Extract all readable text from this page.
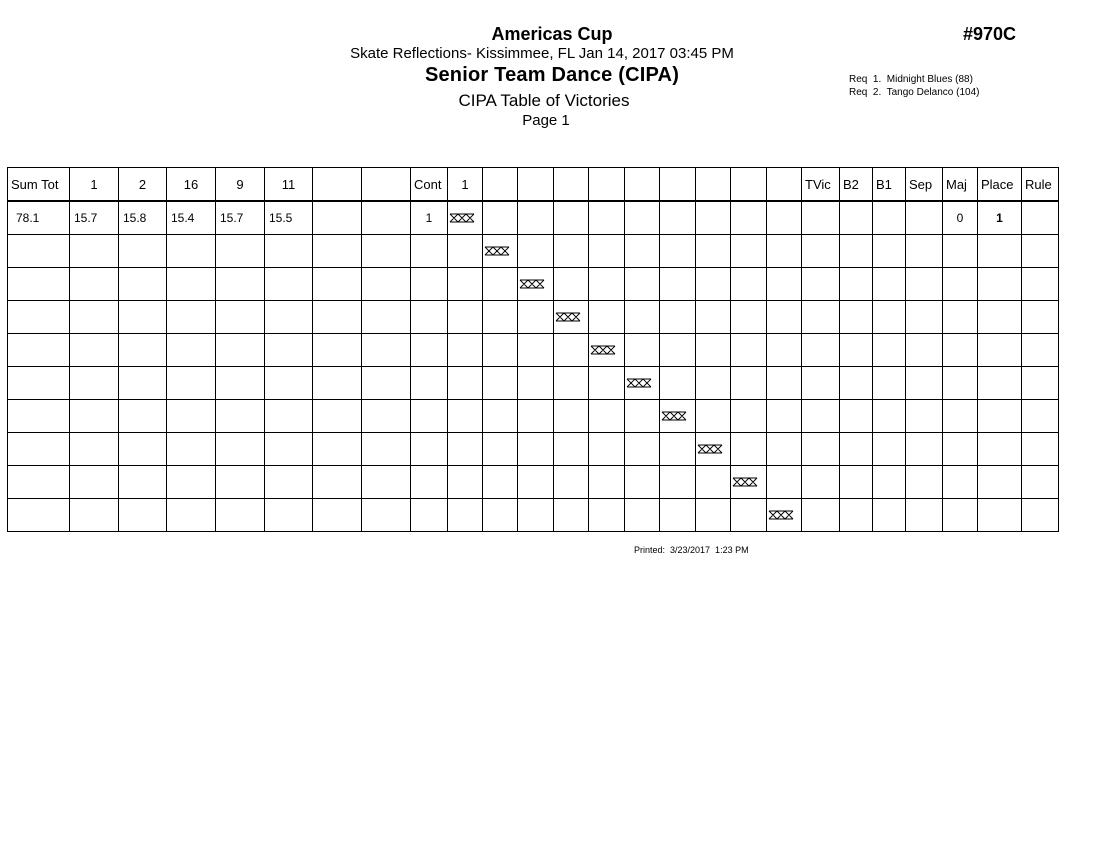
Americas Cup
Skate Reflections- Kissimmee, FL Jan 14, 2017 03:45 PM
Senior Team Dance (CIPA)
CIPA Table of Victories
Page 1
#970C
Req  1.  Midnight Blues (88)
Req  2.  Tango Delanco (104)
Sum Tot	1	2	16	9	11			Cont	1										TVic	B2	B1	Sep	Maj	Place	Rule
78.1	15.7	15.8	15.4	15.7	15.5			1															0	1	

Printed:  3/23/2017  1:23 PM
